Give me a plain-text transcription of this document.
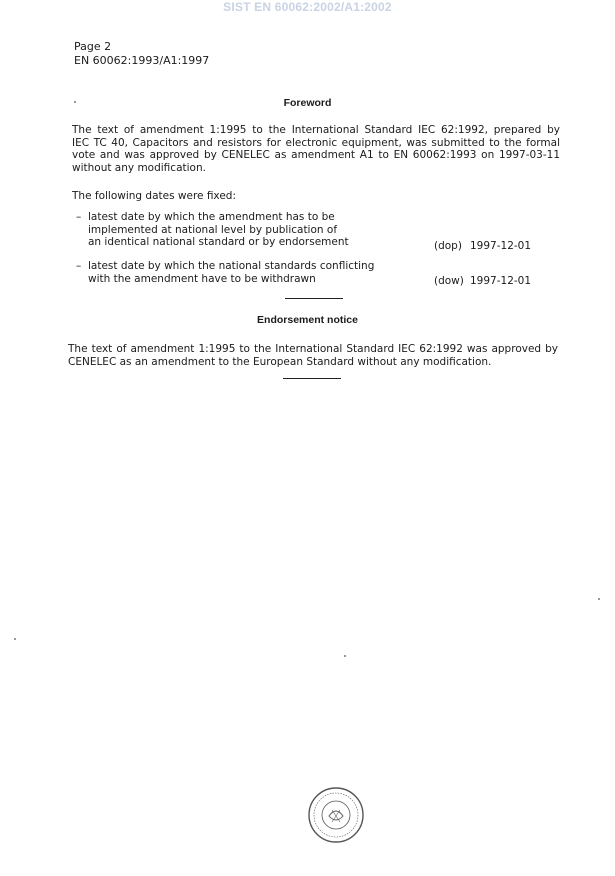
SIST EN 60062:2002/A1:2002
Page 2
EN 60062:1993/A1:1997
Foreword
The text of amendment 1:1995 to the International Standard IEC 62:1992, prepared by
IEC TC 40, Capacitors and resistors for electronic equipment, was submitted to the formal
vote and was approved by CENELEC as amendment A1 to EN 60062:1993 on 1997-03-11
without any modification.
The following dates were fixed:
– latest date by which the amendment has to be
implemented at national level by publication of
an identical national standard or by endorsement	(dop) 1997-12-01
– latest date by which the national standards conflicting
with the amendment have to be withdrawn	(dow) 1997-12-01
Endorsement notice
The text of amendment 1:1995 to the International Standard IEC 62:1992 was approved by
CENELEC as an amendment to the European Standard without any modification.
